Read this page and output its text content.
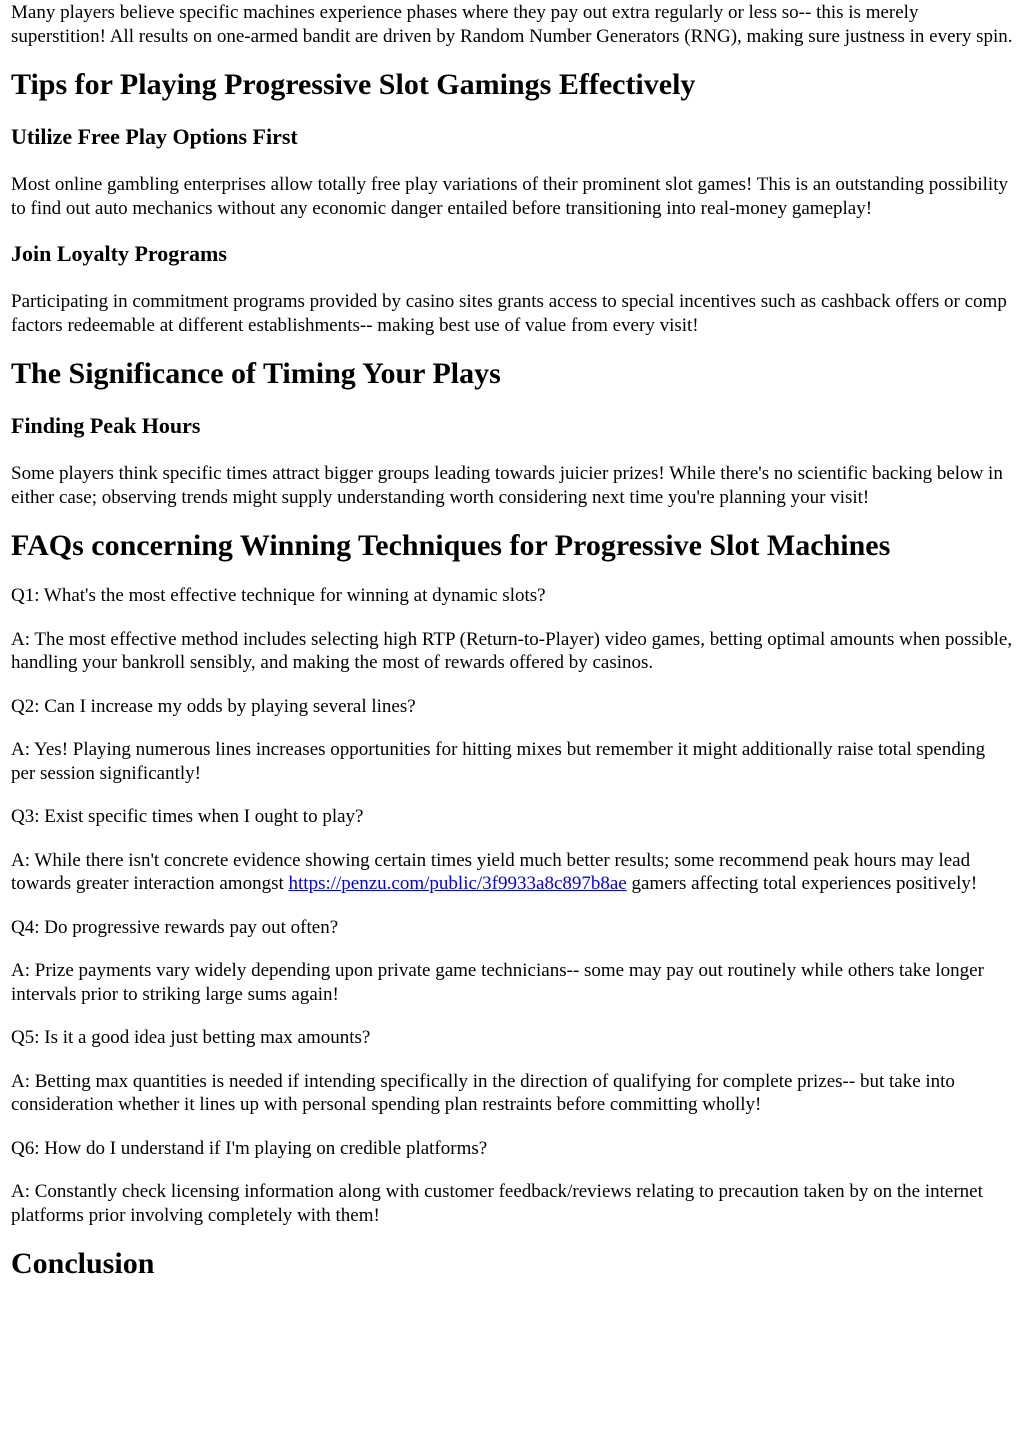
Many players believe specific machines experience phases where they pay out extra regularly or less so-- this is merely superstition! All results on one-armed bandit are driven by Random Number Generators (RNG), making sure justness in every spin.

Tips for Playing Progressive Slot Gamings Effectively
Utilize Free Play Options First

Most online gambling enterprises allow totally free play variations of their prominent slot games! This is an outstanding possibility to find out auto mechanics without any economic danger entailed before transitioning into real-money gameplay!

Join Loyalty Programs

Participating in commitment programs provided by casino sites grants access to special incentives such as cashback offers or comp factors redeemable at different establishments-- making best use of value from every visit!

The Significance of Timing Your Plays
Finding Peak Hours

Some players think specific times attract bigger groups leading towards juicier prizes! While there's no scientific backing below in either case; observing trends might supply understanding worth considering next time you're planning your visit!

FAQs concerning Winning Techniques for Progressive Slot Machines

Q1: What's the most effective technique for winning at dynamic slots?

A: The most effective method includes selecting high RTP (Return-to-Player) video games, betting optimal amounts when possible, handling your bankroll sensibly, and making the most of rewards offered by casinos.

Q2: Can I increase my odds by playing several lines?

A: Yes! Playing numerous lines increases opportunities for hitting mixes but remember it might additionally raise total spending per session significantly!

Q3: Exist specific times when I ought to play?

A: While there isn't concrete evidence showing certain times yield much better results; some recommend peak hours may lead towards greater interaction amongst https://penzu.com/public/3f9933a8c897b8ae gamers affecting total experiences positively!

Q4: Do progressive rewards pay out often?

A: Prize payments vary widely depending upon private game technicians-- some may pay out routinely while others take longer intervals prior to striking large sums again!

Q5: Is it a good idea just betting max amounts?

A: Betting max quantities is needed if intending specifically in the direction of qualifying for complete prizes-- but take into consideration whether it lines up with personal spending plan restraints before committing wholly!

Q6: How do I understand if I'm playing on credible platforms?

A: Constantly check licensing information along with customer feedback/reviews relating to precaution taken by on the internet platforms prior involving completely with them!

Conclusion
